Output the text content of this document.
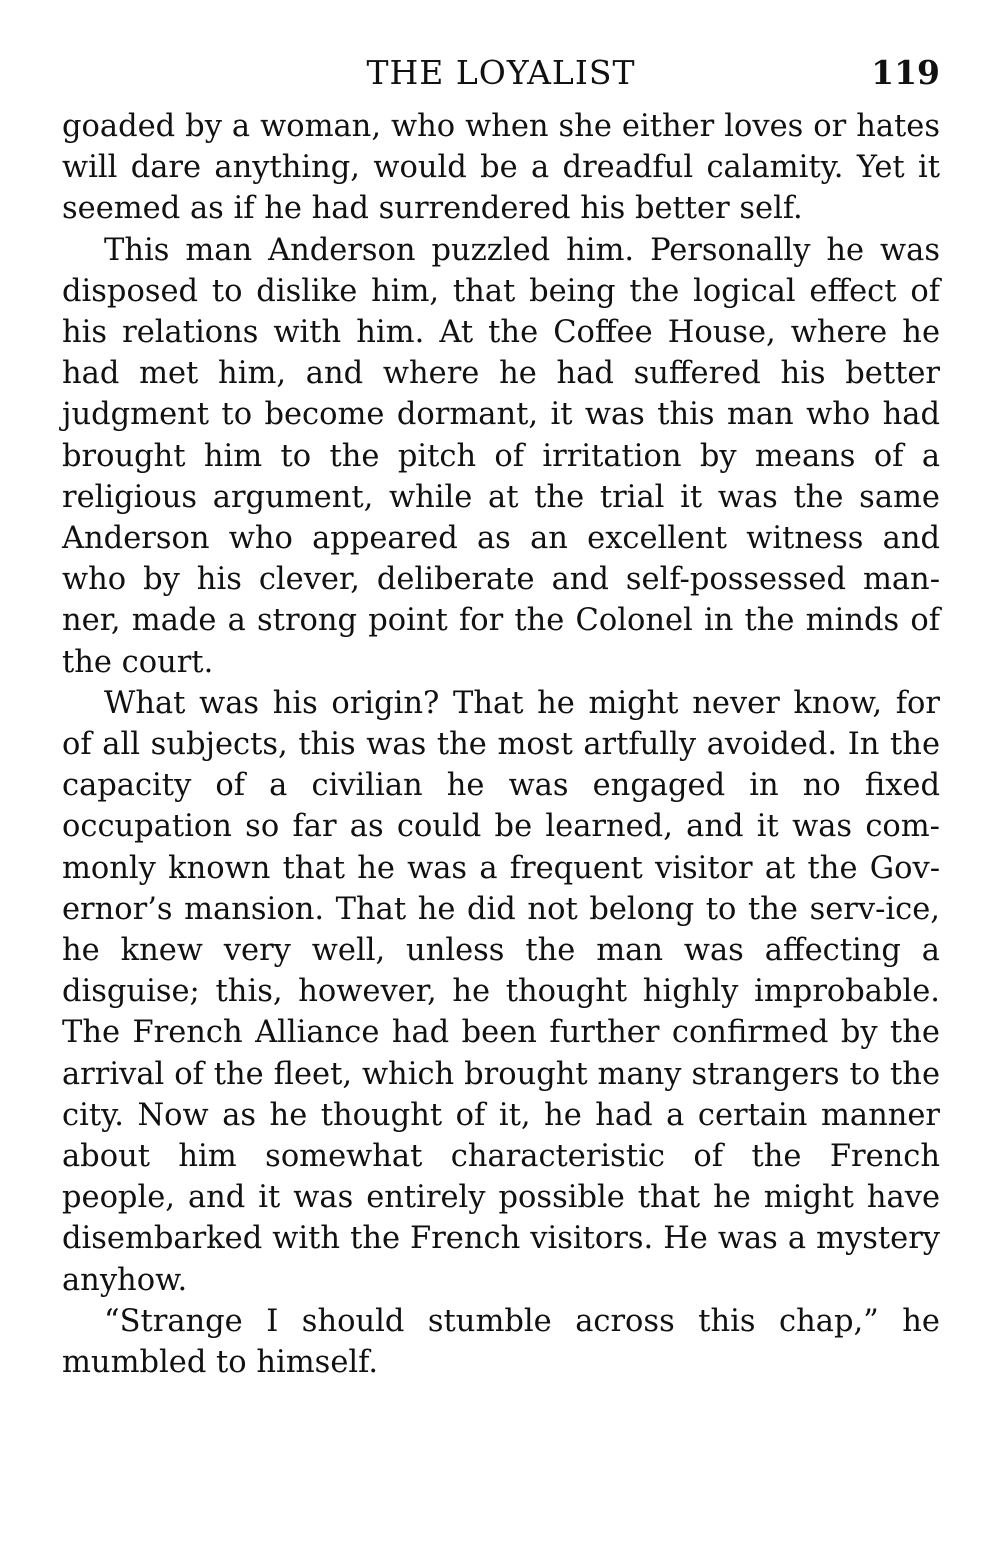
THE LOYALIST	119

goaded by a woman, who when she either loves or hates will dare anything, would be a dreadful calamity. Yet it seemed as if he had surrendered his better self.

This man Anderson puzzled him. Personally he was disposed to dislike him, that being the logical effect of his relations with him. At the Coffee House, where he had met him, and where he had suffered his better judgment to become dormant, it was this man who had brought him to the pitch of irritation by means of a religious argument, while at the trial it was the same Anderson who appeared as an excellent witness and who by his clever, deliberate and self-possessed man-ner, made a strong point for the Colonel in the minds of the court.

What was his origin? That he might never know, for of all subjects, this was the most artfully avoided. In the capacity of a civilian he was engaged in no fixed occupation so far as could be learned, and it was com-monly known that he was a frequent visitor at the Gov-ernor’s mansion. That he did not belong to the serv-ice, he knew very well, unless the man was affecting a disguise; this, however, he thought highly improbable. The French Alliance had been further confirmed by the arrival of the fleet, which brought many strangers to the city. Now as he thought of it, he had a certain manner about him somewhat characteristic of the French people, and it was entirely possible that he might have disembarked with the French visitors. He was a mystery anyhow.

“Strange I should stumble across this chap,” he mumbled to himself.
